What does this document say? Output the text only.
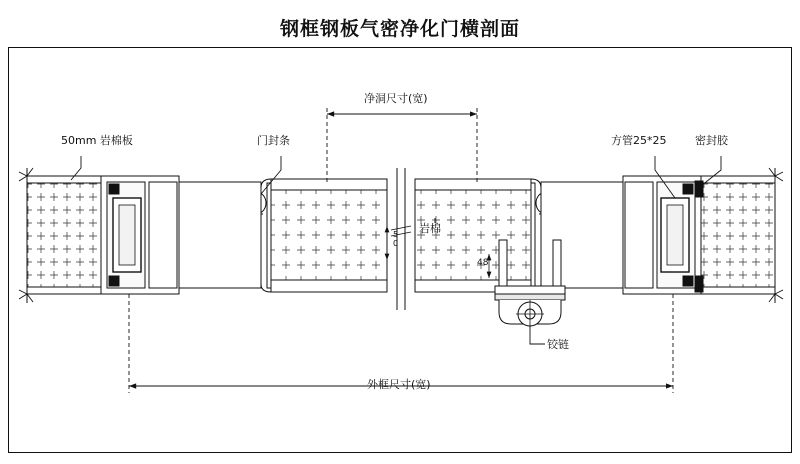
钢框钢板气密净化门横剖面
50mm 岩棉板	门封条
净洞尺寸(宽)
方管25*25	密封胶
岩棉
铰链
外框尺寸(宽)
50
48
